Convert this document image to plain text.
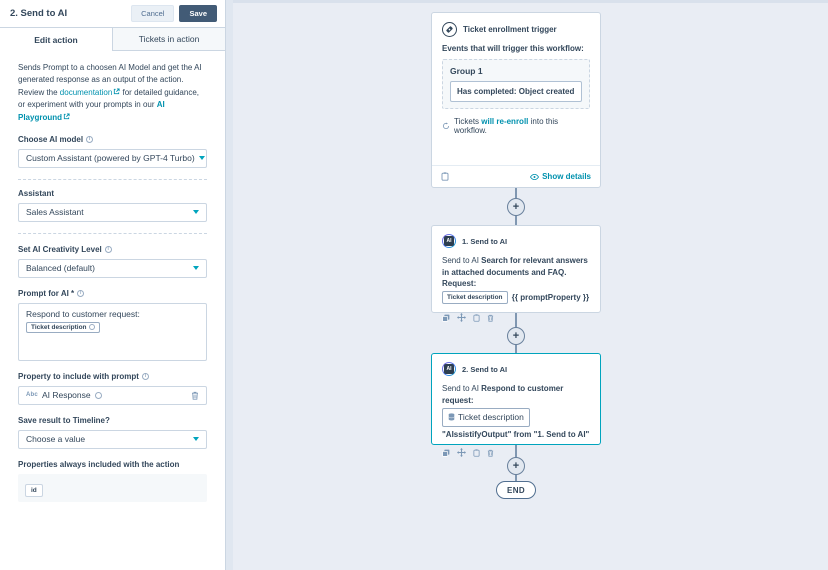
2. Send to AI	Cancel	Save
Edit action	Tickets in action

Sends Prompt to a choosen AI Model and get the AI generated response as an output of the action. Review the documentation
for detailed guidance, or experiment with your prompts in our AI Playground

Choose AI model	i
Custom Assistant (powered by GPT-4 Turbo)
Assistant
Sales Assistant
Set AI Creativity Level	i
Balanced (default)
Prompt for AI *	i
Respond to customer request:
Ticket description
Property to include with prompt	i
Abc AI Response
Save result to Timeline?
Choose a value
Properties always included with the action
id
Ticket enrollment trigger
Events that will trigger this workflow:
Group 1
Has completed: Object created
Tickets will re-enroll into this workflow.
Show details
+
AI	1. Send to AI
Send to AI Search for relevant answers in attached documents and FAQ. Request:
Ticket description {{ promptProperty }}
+
AI	2. Send to AI
Send to AI Respond to customer request:

Ticket description
"AIssistifyOutput" from "1. Send to AI"
+
END
